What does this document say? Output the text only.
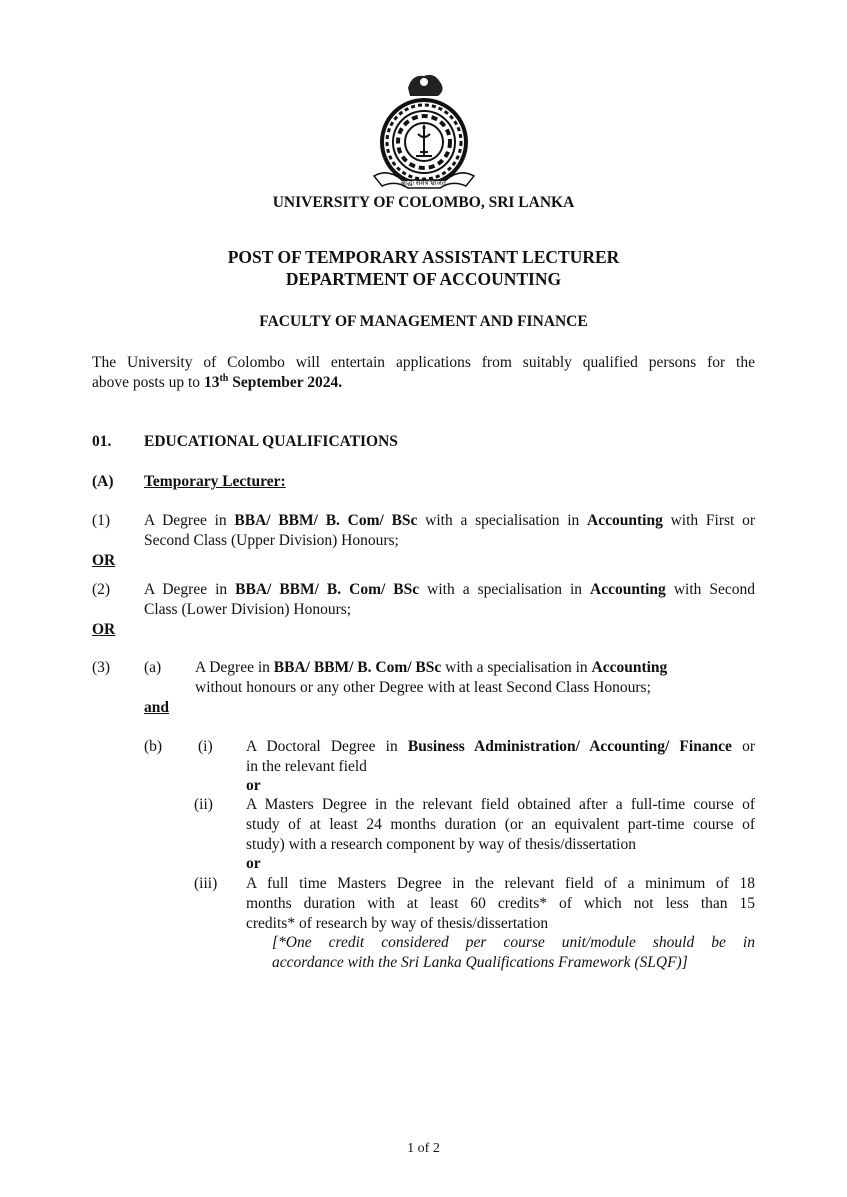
बुद्धिः सर्वत्र भ्राजते
UNIVERSITY OF COLOMBO, SRI LANKA
POST OF TEMPORARY ASSISTANT LECTURER
DEPARTMENT OF ACCOUNTING
FACULTY OF MANAGEMENT AND FINANCE
The University of Colombo will entertain applications from suitably qualified persons for the
above posts up to 13th September 2024.
01. EDUCATIONAL QUALIFICATIONS
(A) Temporary Lecturer:
(1) A Degree in BBA/ BBM/ B. Com/ BSc with a specialisation in Accounting with First or
Second Class (Upper Division) Honours;
OR
(2) A Degree in BBA/ BBM/ B. Com/ BSc with a specialisation in Accounting with Second
Class (Lower Division) Honours;
OR
(3) (a) A Degree in BBA/ BBM/ B. Com/ BSc with a specialisation in Accounting
without honours or any other Degree with at least Second Class Honours;
and
(b) (i) A Doctoral Degree in Business Administration/ Accounting/ Finance or
in the relevant field
or
(ii) A Masters Degree in the relevant field obtained after a full-time course of
study of at least 24 months duration (or an equivalent part-time course of
study) with a research component by way of thesis/dissertation
or
(iii) A full time Masters Degree in the relevant field of a minimum of 18
months duration with at least 60 credits* of which not less than 15
credits* of research by way of thesis/dissertation
[*One credit considered per course unit/module should be in
accordance with the Sri Lanka Qualifications Framework (SLQF)]
1 of 2
